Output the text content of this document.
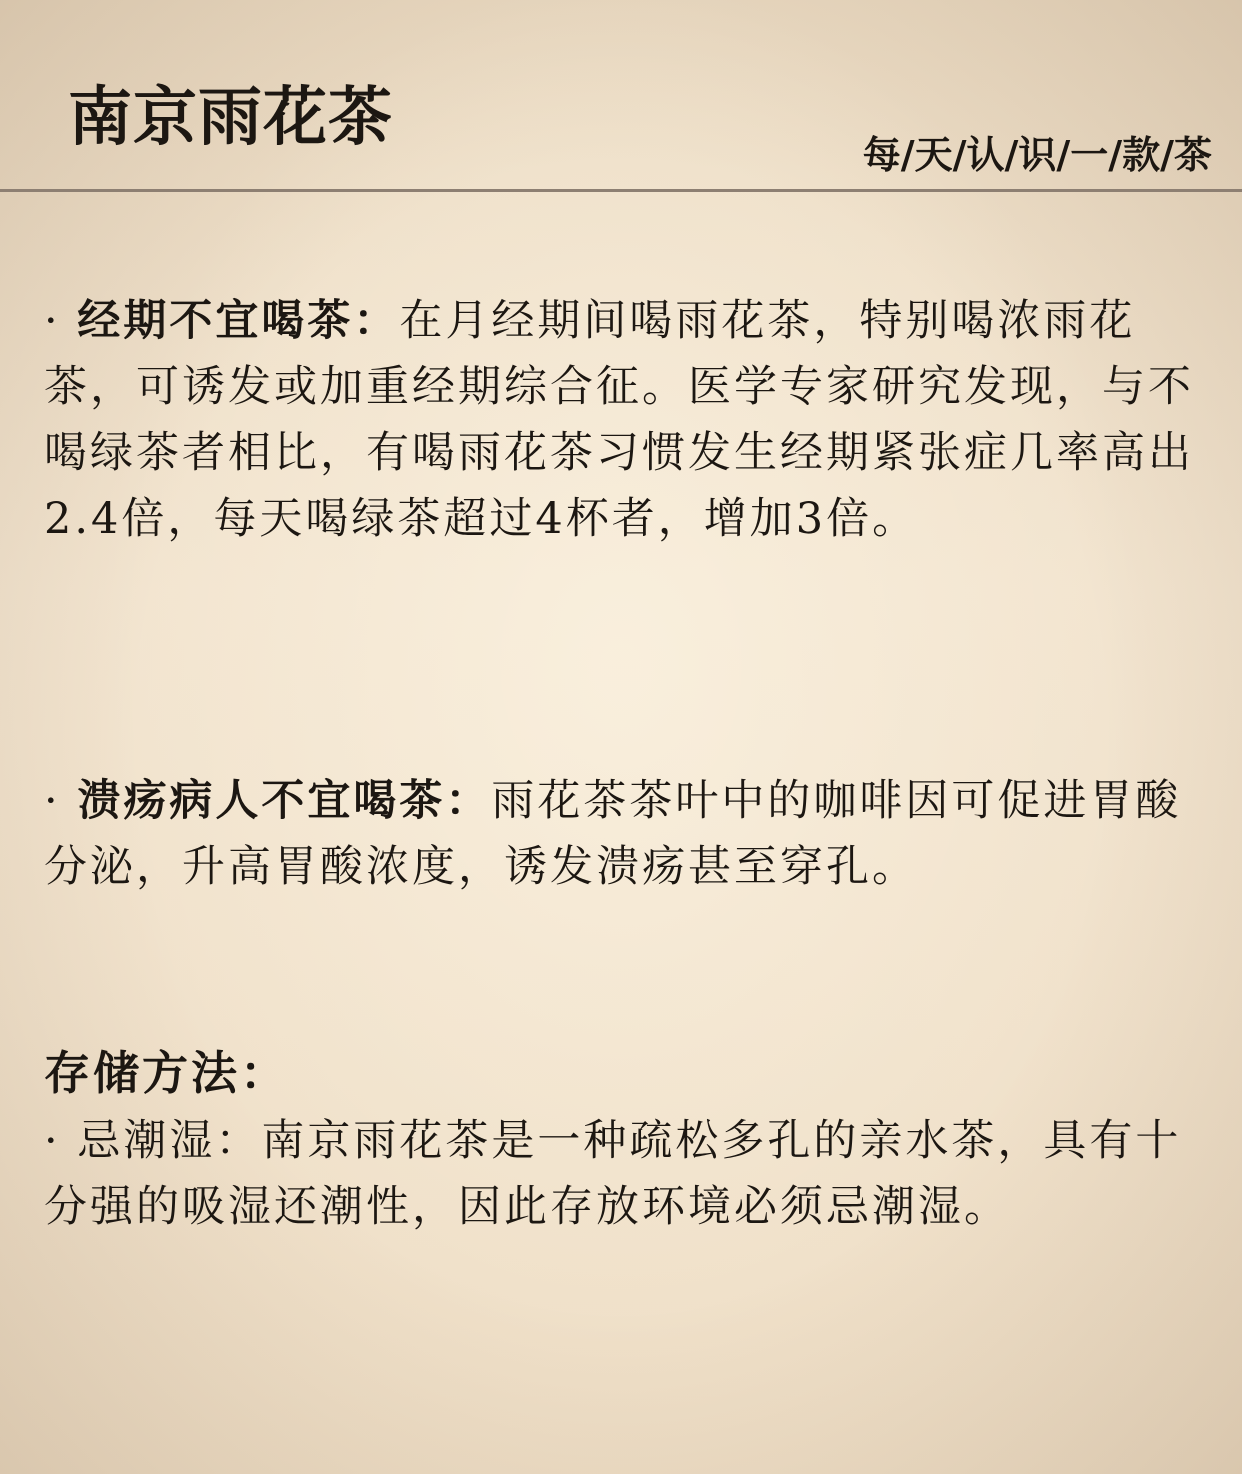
南京雨花茶	每/天/认/识/一/款/茶

· 经期不宜喝茶：在月经期间喝雨花茶，特别喝浓雨花茶，可诱发或加重经期综合征。医学专家研究发现，与不喝绿茶者相比，有喝雨花茶习惯发生经期紧张症几率高出2.4倍，每天喝绿茶超过4杯者，增加3倍。

· 溃疡病人不宜喝茶：雨花茶茶叶中的咖啡因可促进胃酸分泌，升高胃酸浓度，诱发溃疡甚至穿孔。

存储方法：

· 忌潮湿：南京雨花茶是一种疏松多孔的亲水茶，具有十分强的吸湿还潮性，因此存放环境必须忌潮湿。
